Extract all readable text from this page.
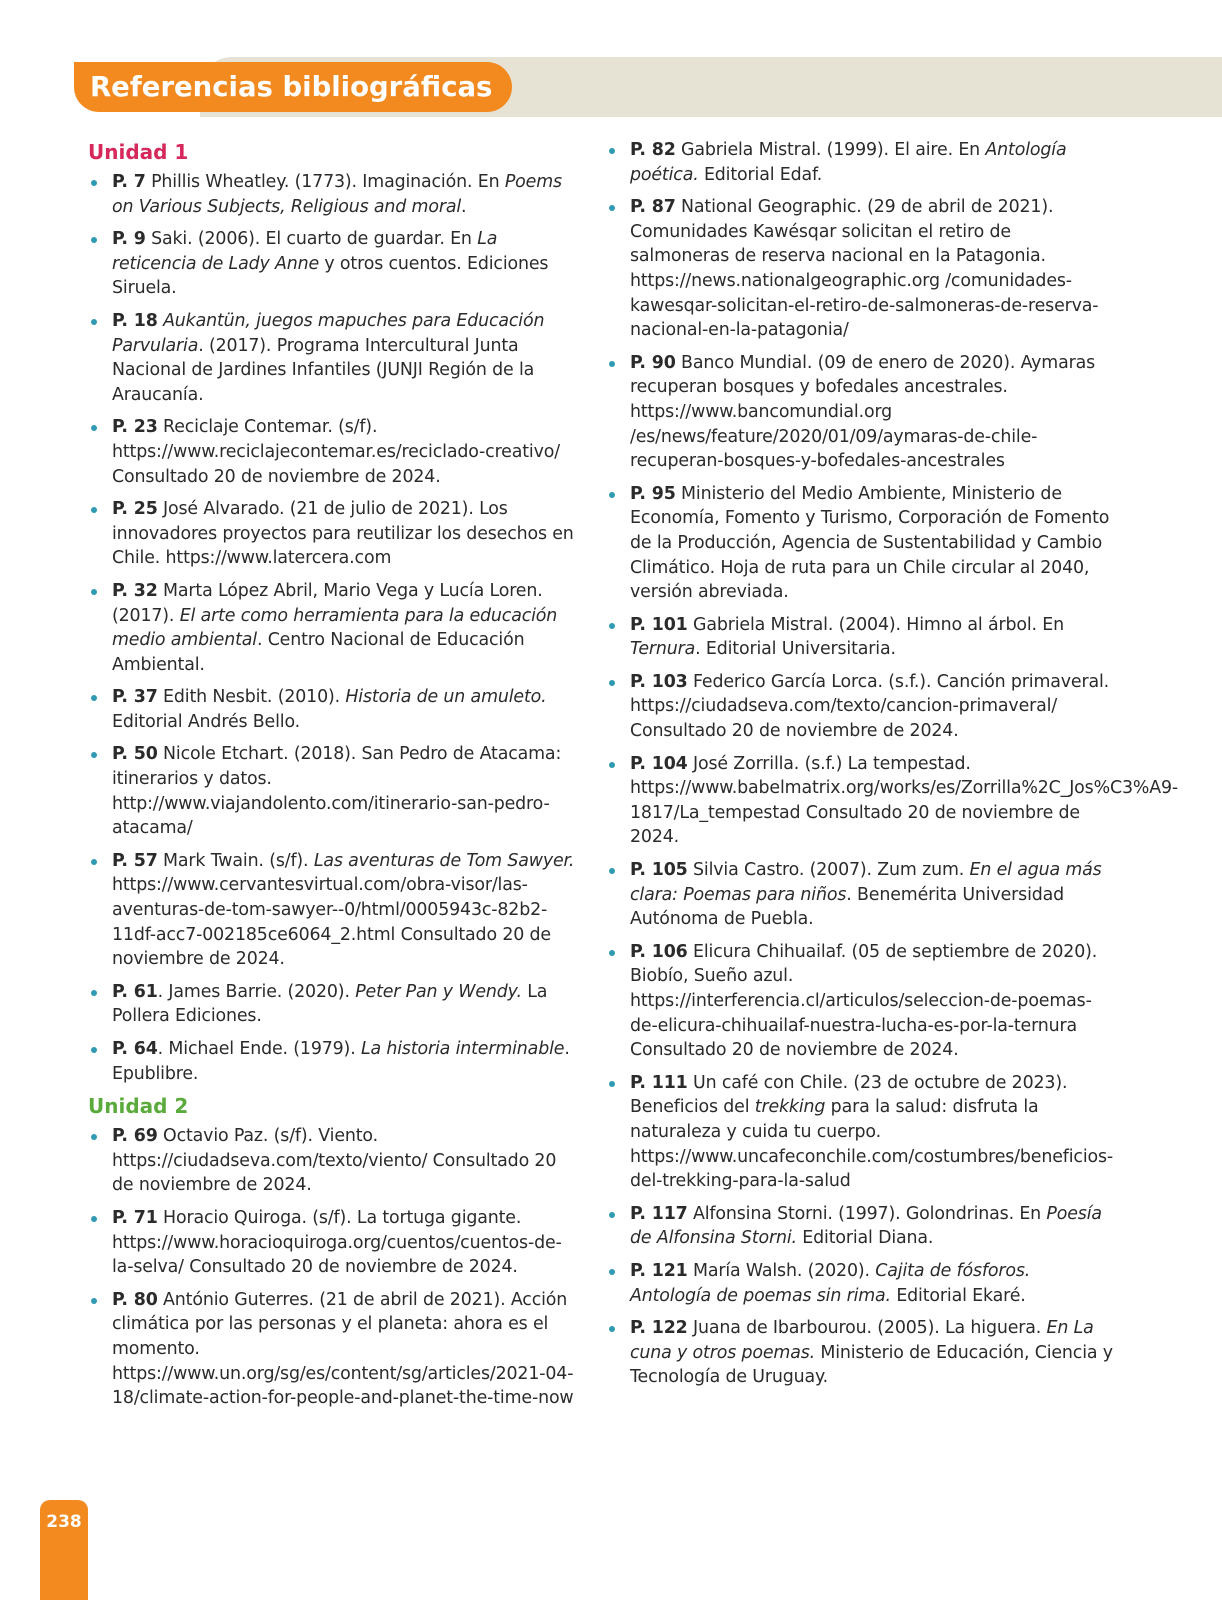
Referencias bibliográficas
Unidad 1
P. 7 Phillis Wheatley. (1773). Imaginación. En Poems on Various Subjects, Religious and moral.
P. 9 Saki. (2006). El cuarto de guardar. En La reticencia de Lady Anne y otros cuentos. Ediciones Siruela.
P. 18 Aukantün, juegos mapuches para Educación Parvularia. (2017). Programa Intercultural Junta Nacional de Jardines Infantiles (JUNJI Región de la Araucanía.
P. 23 Reciclaje Contemar. (s/f). https://www.reciclajecontemar.es/reciclado-creativo/ Consultado 20 de noviembre de 2024.
P. 25 José Alvarado. (21 de julio de 2021). Los innovadores proyectos para reutilizar los desechos en Chile. https://www.latercera.com
P. 32 Marta López Abril, Mario Vega y Lucía Loren. (2017). El arte como herramienta para la educación medio ambiental. Centro Nacional de Educación Ambiental.
P. 37 Edith Nesbit. (2010). Historia de un amuleto. Editorial Andrés Bello.
P. 50 Nicole Etchart. (2018). San Pedro de Atacama: itinerarios y datos. http://www.viajandolento.com/itinerario-san-pedro-atacama/
P. 57 Mark Twain. (s/f). Las aventuras de Tom Sawyer. https://www.cervantesvirtual.com/obra-visor/las-aventuras-de-tom-sawyer--0/html/0005943c-82b2-11df-acc7-002185ce6064_2.html Consultado 20 de noviembre de 2024.
P. 61. James Barrie. (2020). Peter Pan y Wendy. La Pollera Ediciones.
P. 64. Michael Ende. (1979). La historia interminable. Epublibre.
Unidad 2
P. 69 Octavio Paz. (s/f). Viento. https://ciudadseva.com/texto/viento/ Consultado 20 de noviembre de 2024.
P. 71 Horacio Quiroga. (s/f). La tortuga gigante. https://www.horacioquiroga.org/cuentos/cuentos-de-la-selva/ Consultado 20 de noviembre de 2024.
P. 80 António Guterres. (21 de abril de 2021). Acción climática por las personas y el planeta: ahora es el momento. https://www.un.org/sg/es/content/sg/articles/2021-04-18/climate-action-for-people-and-planet-the-time-now
P. 82 Gabriela Mistral. (1999). El aire. En Antología poética. Editorial Edaf.
P. 87 National Geographic. (29 de abril de 2021). Comunidades Kawésqar solicitan el retiro de salmoneras de reserva nacional en la Patagonia. https://news.nationalgeographic.org /comunidades-kawesqar-solicitan-el-retiro-de-salmoneras-de-reserva-nacional-en-la-patagonia/
P. 90 Banco Mundial. (09 de enero de 2020). Aymaras recuperan bosques y bofedales ancestrales. https://www.bancomundial.org /es/news/feature/2020/01/09/aymaras-de-chile-recuperan-bosques-y-bofedales-ancestrales
P. 95 Ministerio del Medio Ambiente, Ministerio de Economía, Fomento y Turismo, Corporación de Fomento de la Producción, Agencia de Sustentabilidad y Cambio Climático. Hoja de ruta para un Chile circular al 2040, versión abreviada.
P. 101 Gabriela Mistral. (2004). Himno al árbol. En Ternura. Editorial Universitaria.
P. 103 Federico García Lorca. (s.f.). Canción primaveral. https://ciudadseva.com/texto/cancion-primaveral/ Consultado 20 de noviembre de 2024.
P. 104 José Zorrilla. (s.f.) La tempestad. https://www.babelmatrix.org/works/es/Zorrilla%2C_Jos%C3%A9-1817/La_tempestad Consultado 20 de noviembre de 2024.
P. 105 Silvia Castro. (2007). Zum zum. En el agua más clara: Poemas para niños. Benemérita Universidad Autónoma de Puebla.
P. 106 Elicura Chihuailaf. (05 de septiembre de 2020). Biobío, Sueño azul. https://interferencia.cl/articulos/seleccion-de-poemas-de-elicura-chihuailaf-nuestra-lucha-es-por-la-ternura Consultado 20 de noviembre de 2024.
P. 111 Un café con Chile. (23 de octubre de 2023). Beneficios del trekking para la salud: disfruta la naturaleza y cuida tu cuerpo. https://www.uncafeconchile.com/costumbres/beneficios-del-trekking-para-la-salud
P. 117 Alfonsina Storni. (1997). Golondrinas. En Poesía de Alfonsina Storni. Editorial Diana.
P. 121 María Walsh. (2020). Cajita de fósforos. Antología de poemas sin rima. Editorial Ekaré.
P. 122 Juana de Ibarbourou. (2005). La higuera. En La cuna y otros poemas. Ministerio de Educación, Ciencia y Tecnología de Uruguay.
238
